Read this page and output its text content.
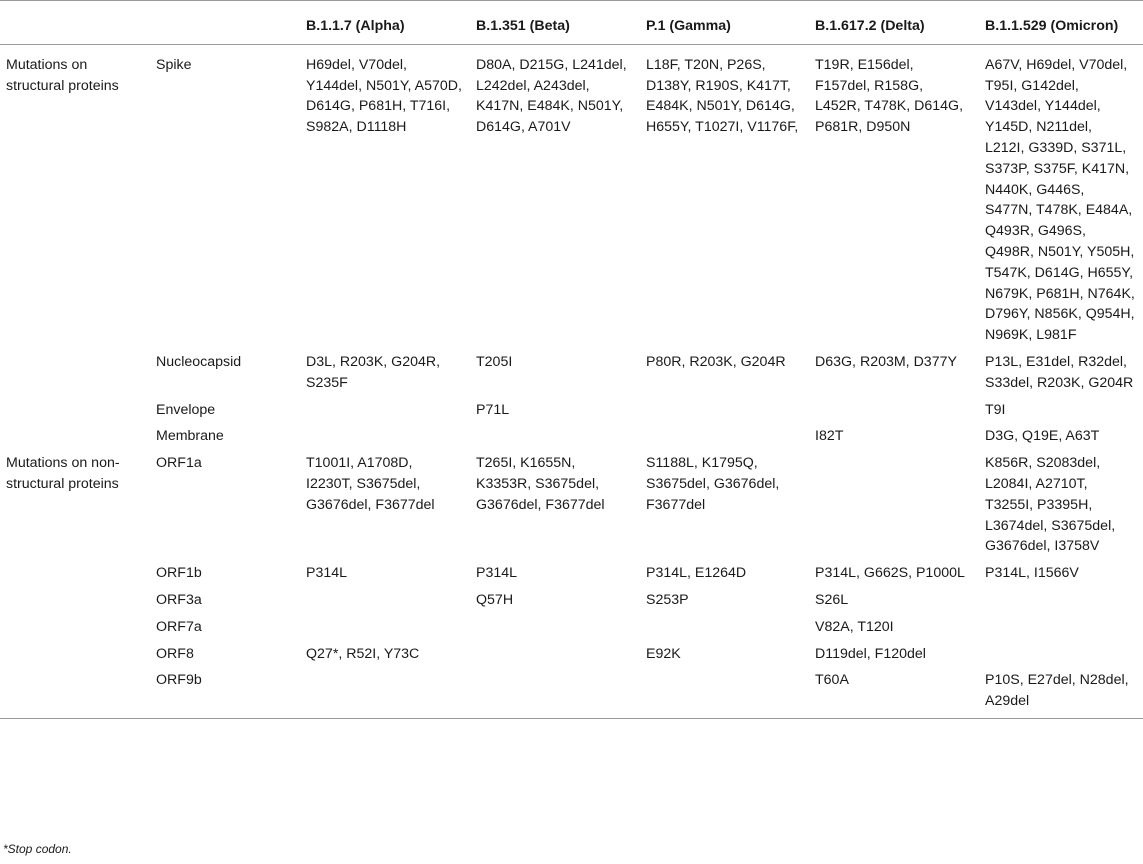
		B.1.1.7 (Alpha)	B.1.351 (Beta)	P.1 (Gamma)	B.1.617.2 (Delta)	B.1.1.529 (Omicron)
Mutations on structural proteins	Spike	H69del, V70del, Y144del, N501Y, A570D, D614G, P681H, T716I, S982A, D1118H	D80A, D215G, L241del, L242del, A243del, K417N, E484K, N501Y, D614G, A701V	L18F, T20N, P26S, D138Y, R190S, K417T, E484K, N501Y, D614G, H655Y, T1027I, V1176F,	T19R, E156del, F157del, R158G, L452R, T478K, D614G, P681R, D950N	A67V, H69del, V70del, T95I, G142del, V143del, Y144del, Y145D, N211del, L212I, G339D, S371L, S373P, S375F, K417N, N440K, G446S, S477N, T478K, E484A, Q493R, G496S, Q498R, N501Y, Y505H, T547K, D614G, H655Y, N679K, P681H, N764K, D796Y, N856K, Q954H, N969K, L981F
	Nucleocapsid	D3L, R203K, G204R, S235F	T205I	P80R, R203K, G204R	D63G, R203M, D377Y	P13L, E31del, R32del, S33del, R203K, G204R
	Envelope		P71L			T9I
	Membrane				I82T	D3G, Q19E, A63T
Mutations on non-structural proteins	ORF1a	T1001I, A1708D, I2230T, S3675del, G3676del, F3677del	T265I, K1655N, K3353R, S3675del, G3676del, F3677del	S1188L, K1795Q, S3675del, G3676del, F3677del		K856R, S2083del, L2084I, A2710T, T3255I, P3395H, L3674del, S3675del, G3676del, I3758V
	ORF1b	P314L	P314L	P314L, E1264D	P314L, G662S, P1000L	P314L, I1566V
	ORF3a		Q57H	S253P	S26L	
	ORF7a				V82A, T120I	
	ORF8	Q27*, R52I, Y73C		E92K	D119del, F120del	
	ORF9b				T60A	P10S, E27del, N28del, A29del
*Stop codon.
